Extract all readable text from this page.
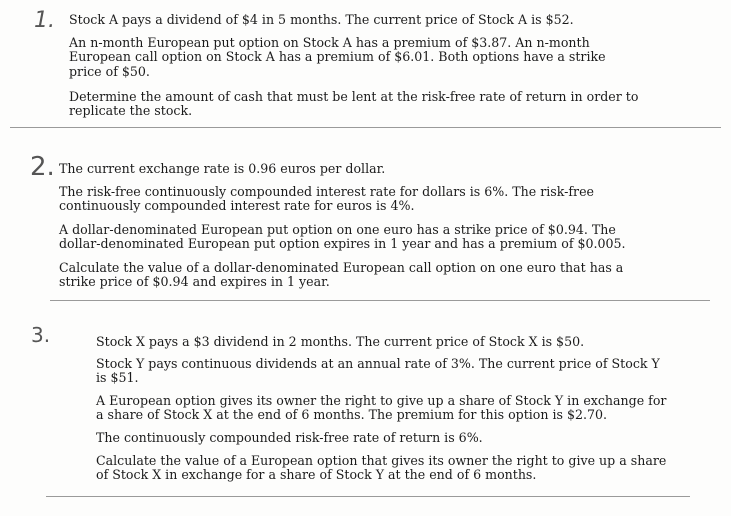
1. Stock A pays a dividend of $4 in 5 months. The current price of Stock A is $52.

An n-month European put option on Stock A has a premium of $3.87. An n-month European call option on Stock A has a premium of $6.01. Both options have a strike price of $50.

Determine the amount of cash that must be lent at the risk-free rate of return in order to replicate the stock.

2. The current exchange rate is 0.96 euros per dollar.

The risk-free continuously compounded interest rate for dollars is 6%. The risk-free continuously compounded interest rate for euros is 4%.

A dollar-denominated European put option on one euro has a strike price of $0.94. The dollar-denominated European put option expires in 1 year and has a premium of $0.005.

Calculate the value of a dollar-denominated European call option on one euro that has a strike price of $0.94 and expires in 1 year.

3.	Stock X pays a $3 dividend in 2 months. The current price of Stock X is $50.

Stock Y pays continuous dividends at an annual rate of 3%. The current price of Stock Y is $51.

A European option gives its owner the right to give up a share of Stock Y in exchange for a share of Stock X at the end of 6 months. The premium for this option is $2.70.

The continuously compounded risk-free rate of return is 6%.

Calculate the value of a European option that gives its owner the right to give up a share of Stock X in exchange for a share of Stock Y at the end of 6 months.
